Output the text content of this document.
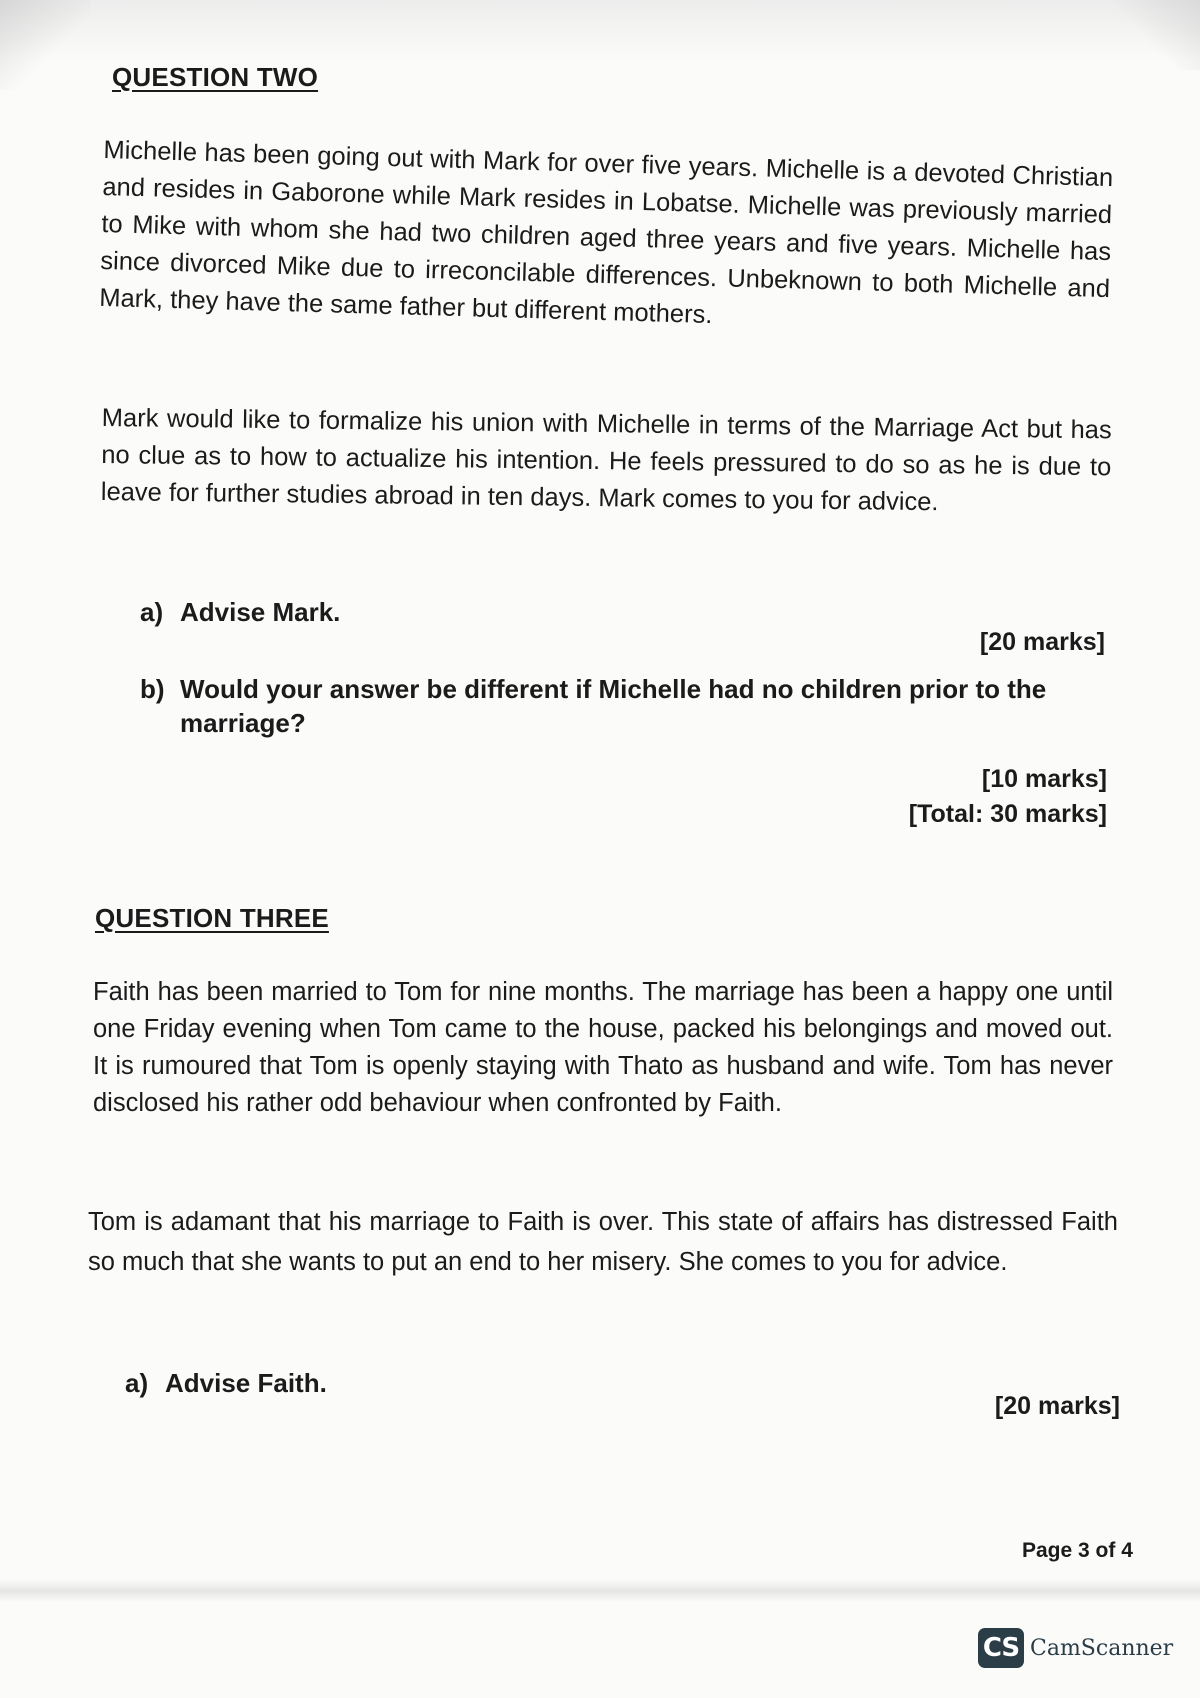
QUESTION TWO

Michelle has been going out with Mark for over five years. Michelle is a devoted Christian and resides in Gaborone while Mark resides in Lobatse. Michelle was previously married to Mike with whom she had two children aged three years and five years. Michelle has since divorced Mike due to irreconcilable differences. Unbeknown to both Michelle and Mark, they have the same father but different mothers.

Mark would like to formalize his union with Michelle in terms of the Marriage Act but has no clue as to how to actualize his intention. He feels pressured to do so as he is due to leave for further studies abroad in ten days. Mark comes to you for advice.

a) Advise Mark.
[20 marks]
b) Would your answer be different if Michelle had no children prior to the marriage?
[10 marks]
[Total: 30 marks]
QUESTION THREE

Faith has been married to Tom for nine months. The marriage has been a happy one until one Friday evening when Tom came to the house, packed his belongings and moved out. It is rumoured that Tom is openly staying with Thato as husband and wife. Tom has never disclosed his rather odd behaviour when confronted by Faith.

Tom is adamant that his marriage to Faith is over. This state of affairs has distressed Faith so much that she wants to put an end to her misery. She comes to you for advice.

a) Advise Faith.
[20 marks]
Page 3 of 4
CS CamScanner
